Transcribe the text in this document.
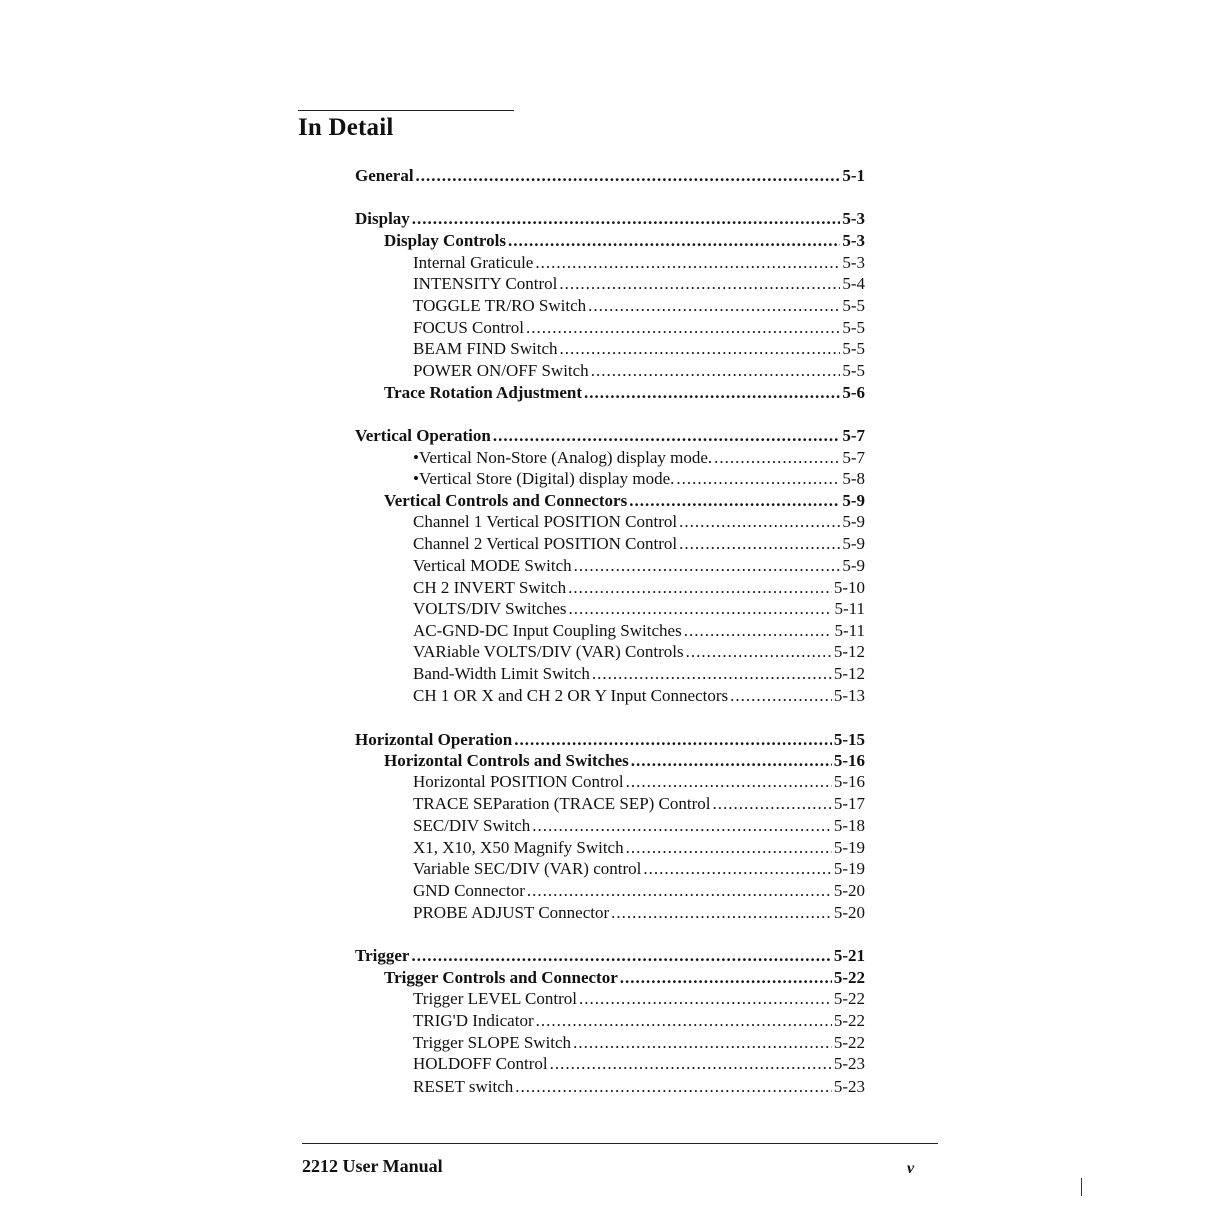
In Detail
General .....	5-1
Display .....	5-3
Display Controls .....	5-3
Internal Graticule .....	5-3
INTENSITY Control .....	5-4
TOGGLE TR/RO Switch .....	5-5
FOCUS Control .....	5-5
BEAM FIND Switch .....	5-5
POWER ON/OFF Switch .....	5-5
Trace Rotation Adjustment .....	5-6
Vertical Operation .....	5-7
•Vertical Non-Store (Analog) display mode. .....	5-7
•Vertical Store (Digital) display mode. .....	5-8
Vertical Controls and Connectors .....	5-9
Channel 1 Vertical POSITION Control .....	5-9
Channel 2 Vertical POSITION Control .....	5-9
Vertical MODE Switch .....	5-9
CH 2 INVERT Switch .....	5-10
VOLTS/DIV Switches .....	5-11
AC-GND-DC Input Coupling Switches .....	5-11
VARiable VOLTS/DIV (VAR) Controls .....	5-12
Band-Width Limit Switch .....	5-12
CH 1 OR X and CH 2 OR Y Input Connectors .....	5-13
Horizontal Operation .....	5-15
Horizontal Controls and Switches .....	5-16
Horizontal POSITION Control .....	5-16
TRACE SEParation (TRACE SEP) Control .....	5-17
SEC/DIV Switch .....	5-18
X1, X10, X50 Magnify Switch .....	5-19
Variable SEC/DIV (VAR) control .....	5-19
GND Connector .....	5-20
PROBE ADJUST Connector .....	5-20
Trigger .....	5-21
Trigger Controls and Connector .....	5-22
Trigger LEVEL Control .....	5-22
TRIG'D Indicator .....	5-22
Trigger SLOPE Switch .....	5-22
HOLDOFF Control .....	5-23
RESET switch .....	5-23
2212 User Manual	v
